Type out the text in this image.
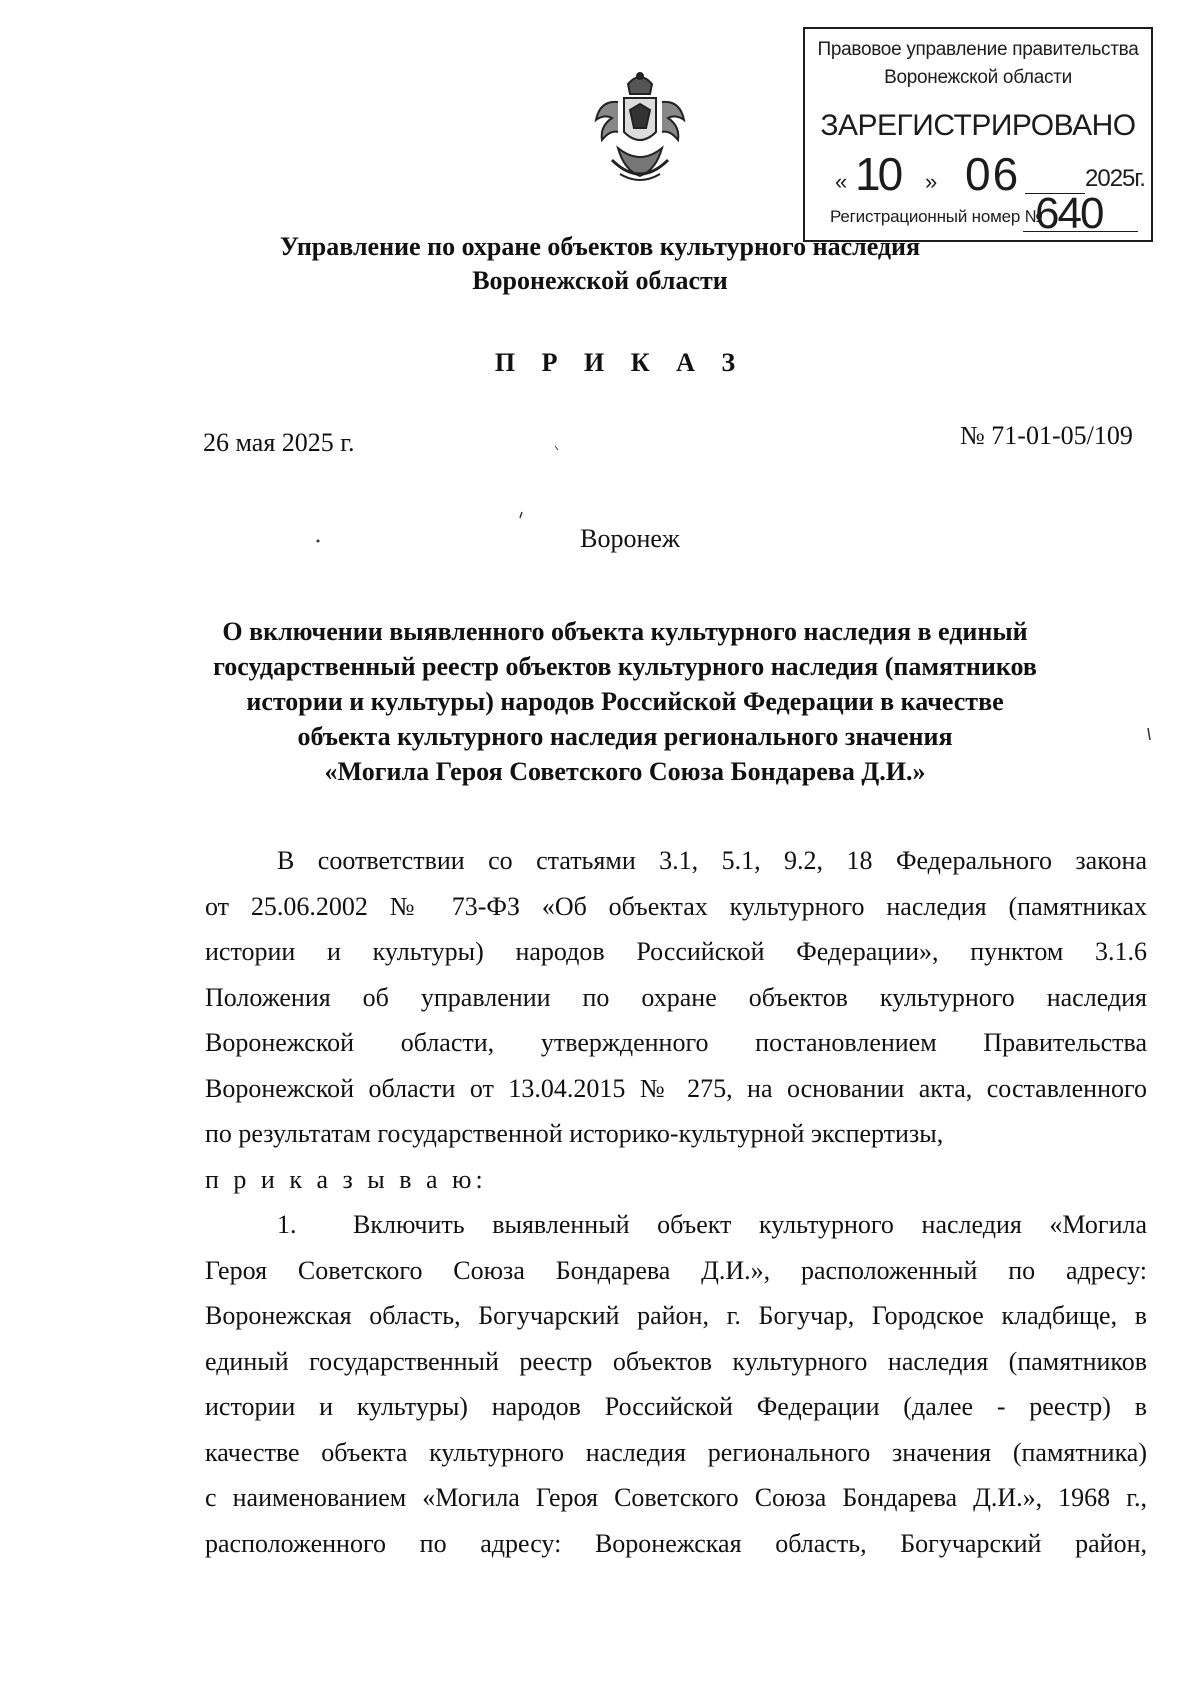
Правовое управление правительства
Воронежской области
ЗАРЕГИСТРИРОВАНО
« 10 » 06	2025г.
Регистрационный номер №
640
Управление по охране объектов культурного наследия
Воронежской области
П Р И К А З
26 мая 2025 г.	№ 71-01-05/109
Воронеж
О включении выявленного объекта культурного наследия в единый
государственный реестр объектов культурного наследия (памятников
истории и культуры) народов Российской Федерации в качестве
объекта культурного наследия регионального значения
«Могила Героя Советского Союза Бондарева Д.И.»
В соответствии со статьями 3.1, 5.1, 9.2, 18 Федерального закона
от 25.06.2002 № 73-ФЗ «Об объектах культурного наследия (памятниках
истории и культуры) народов Российской Федерации», пунктом 3.1.6
Положения об управлении по охране объектов культурного наследия
Воронежской области, утвержденного постановлением Правительства
Воронежской области от 13.04.2015 № 275, на основании акта, составленного
по результатам государственной историко-культурной экспертизы,
п р и к а з ы в а ю:
1. Включить выявленный объект культурного наследия «Могила
Героя Советского Союза Бондарева Д.И.», расположенный по адресу:
Воронежская область, Богучарский район, г. Богучар, Городское кладбище, в
единый государственный реестр объектов культурного наследия (памятников
истории и культуры) народов Российской Федерации (далее - реестр) в
качестве объекта культурного наследия регионального значения (памятника)
с наименованием «Могила Героя Советского Союза Бондарева Д.И.», 1968 г.,
расположенного по адресу: Воронежская область, Богучарский район,
